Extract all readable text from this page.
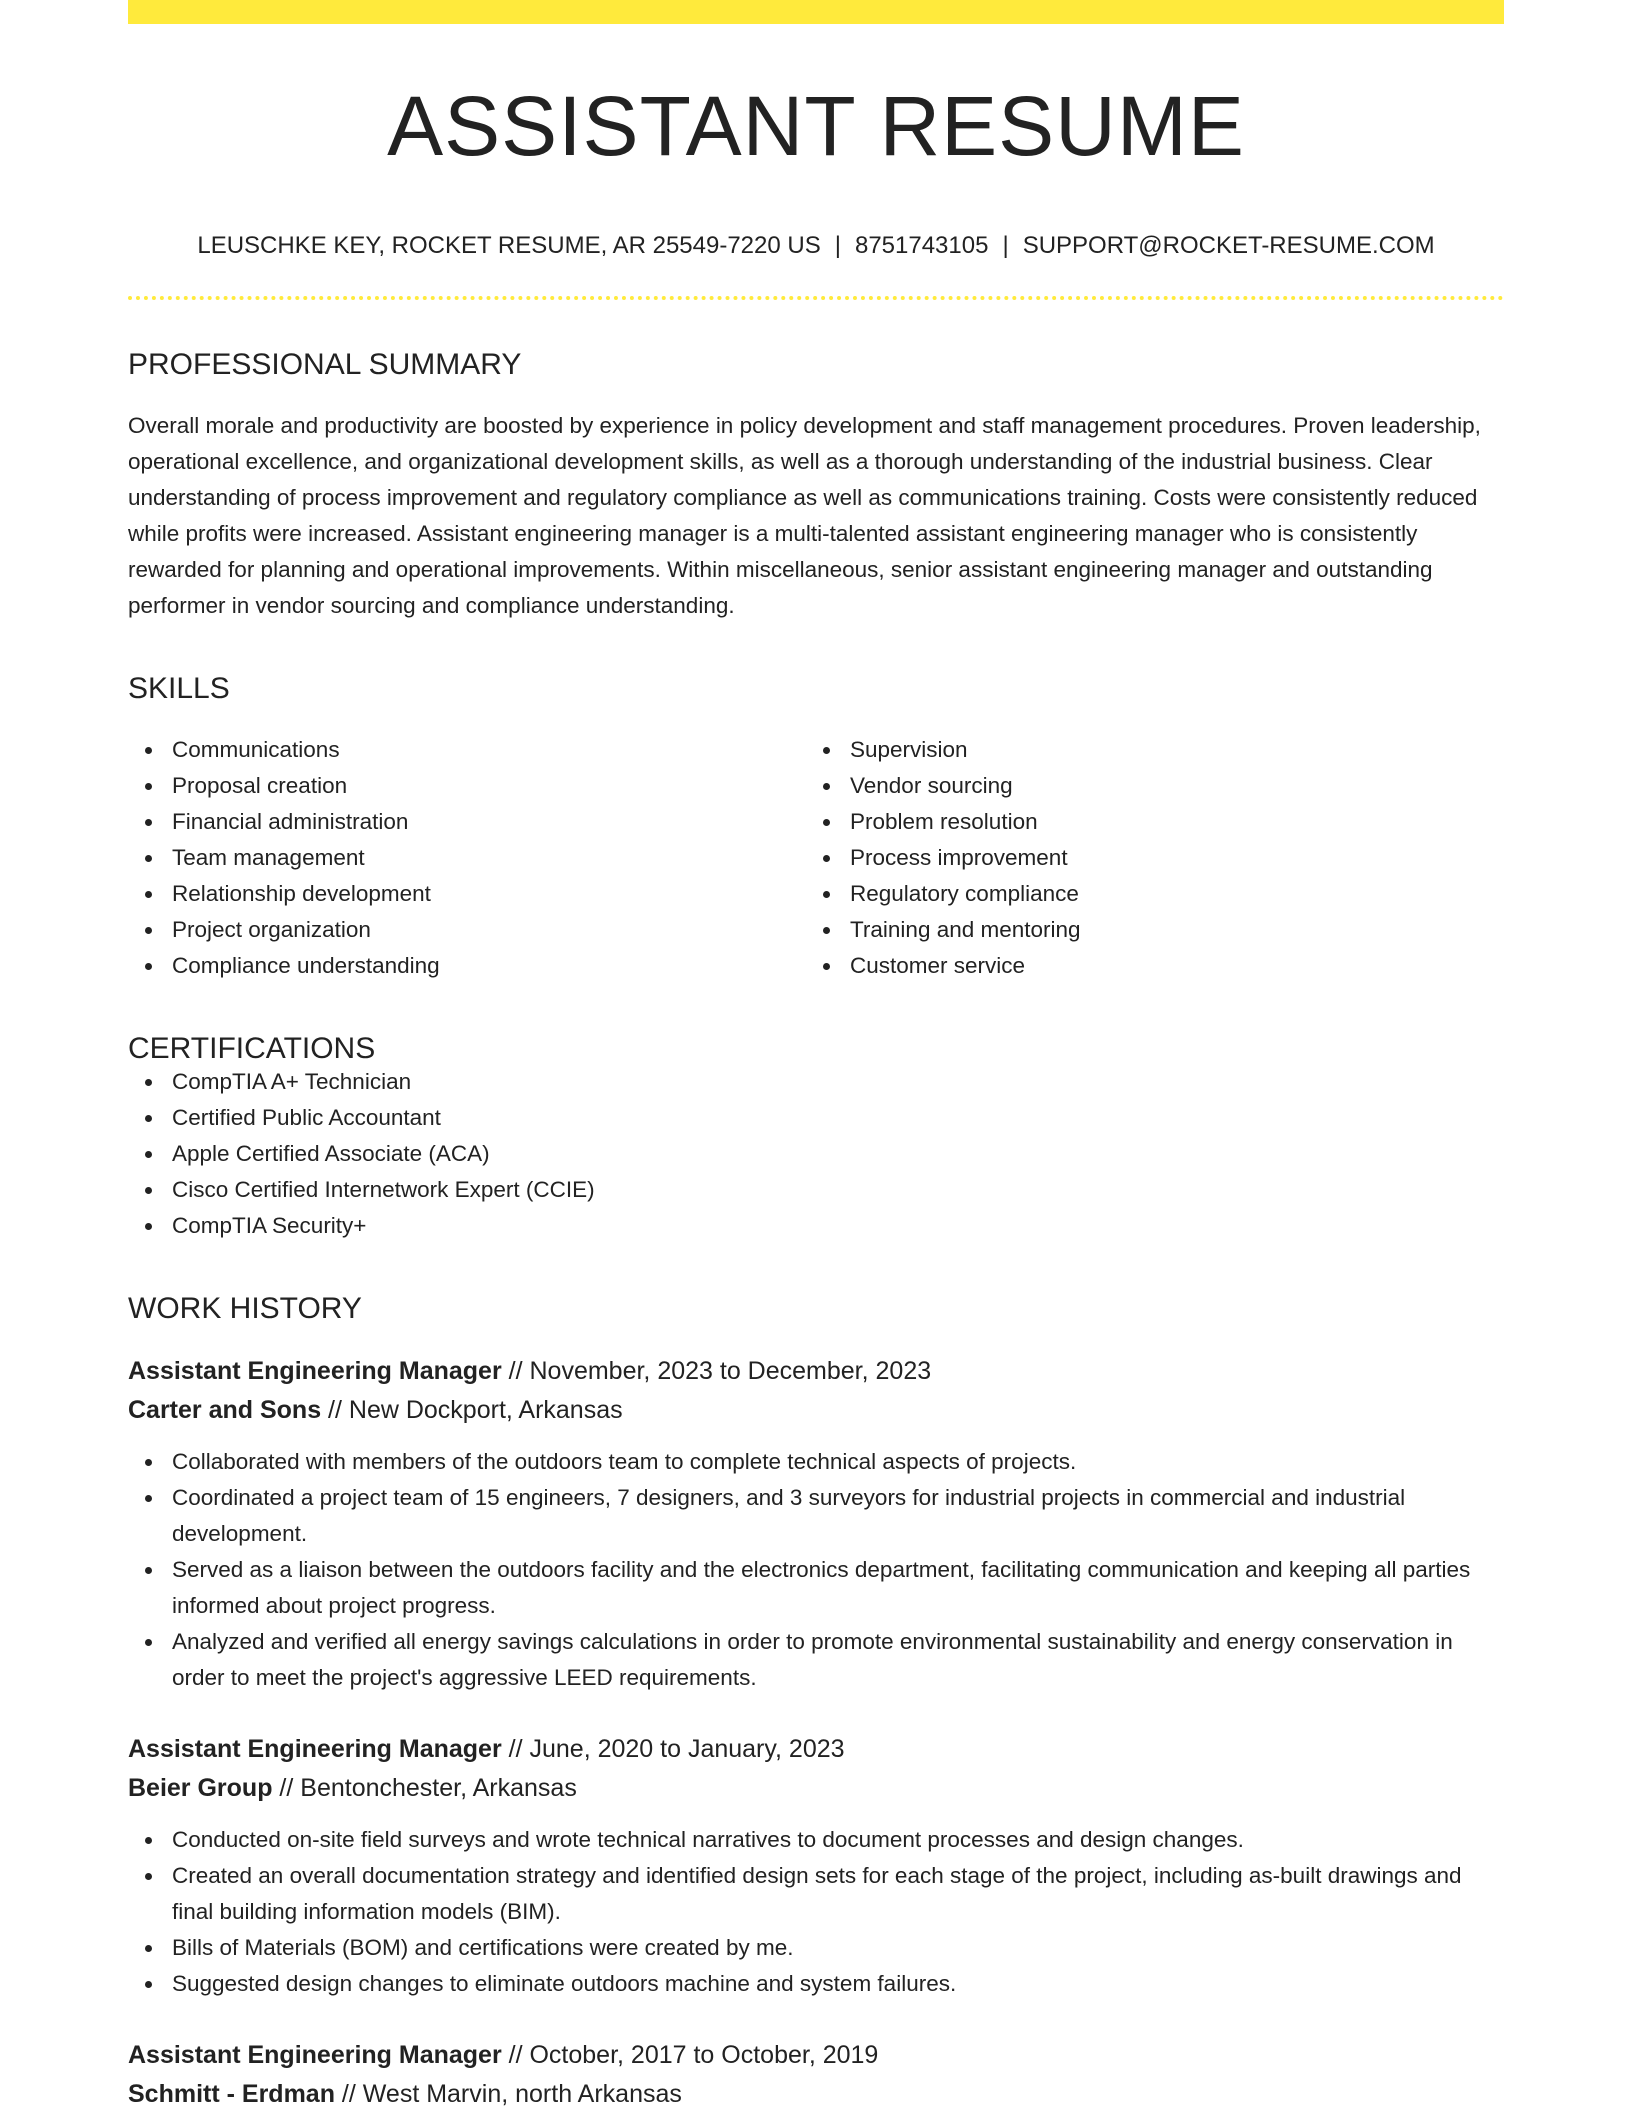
ASSISTANT RESUME
LEUSCHKE KEY, ROCKET RESUME, AR 25549-7220 US | 8751743105 | SUPPORT@ROCKET-RESUME.COM
PROFESSIONAL SUMMARY
Overall morale and productivity are boosted by experience in policy development and staff management procedures. Proven leadership, operational excellence, and organizational development skills, as well as a thorough understanding of the industrial business. Clear understanding of process improvement and regulatory compliance as well as communications training. Costs were consistently reduced while profits were increased. Assistant engineering manager is a multi-talented assistant engineering manager who is consistently rewarded for planning and operational improvements. Within miscellaneous, senior assistant engineering manager and outstanding performer in vendor sourcing and compliance understanding.
SKILLS
Communications
Proposal creation
Financial administration
Team management
Relationship development
Project organization
Compliance understanding
Supervision
Vendor sourcing
Problem resolution
Process improvement
Regulatory compliance
Training and mentoring
Customer service
CERTIFICATIONS
CompTIA A+ Technician
Certified Public Accountant
Apple Certified Associate (ACA)
Cisco Certified Internetwork Expert (CCIE)
CompTIA Security+
WORK HISTORY
Assistant Engineering Manager // November, 2023 to December, 2023
Carter and Sons // New Dockport, Arkansas
Collaborated with members of the outdoors team to complete technical aspects of projects.
Coordinated a project team of 15 engineers, 7 designers, and 3 surveyors for industrial projects in commercial and industrial development.
Served as a liaison between the outdoors facility and the electronics department, facilitating communication and keeping all parties informed about project progress.
Analyzed and verified all energy savings calculations in order to promote environmental sustainability and energy conservation in order to meet the project's aggressive LEED requirements.
Assistant Engineering Manager // June, 2020 to January, 2023
Beier Group // Bentonchester, Arkansas
Conducted on-site field surveys and wrote technical narratives to document processes and design changes.
Created an overall documentation strategy and identified design sets for each stage of the project, including as-built drawings and final building information models (BIM).
Bills of Materials (BOM) and certifications were created by me.
Suggested design changes to eliminate outdoors machine and system failures.
Assistant Engineering Manager // October, 2017 to October, 2019
Schmitt - Erdman // West Marvin, north Arkansas
